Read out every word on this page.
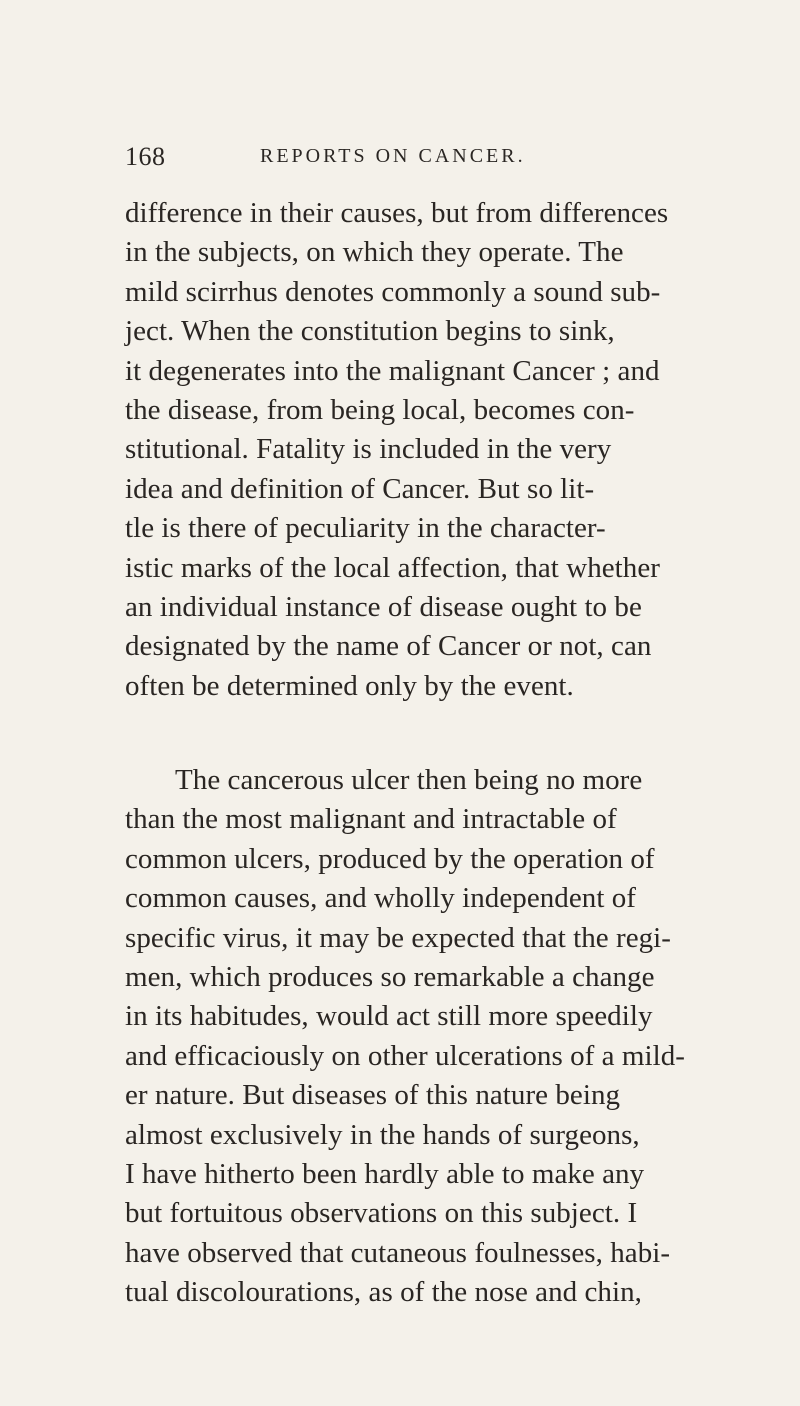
168	REPORTS ON CANCER.
difference in their causes, but from differences
in the subjects, on which they operate. The
mild scirrhus denotes commonly a sound sub-
ject. When the constitution begins to sink,
it degenerates into the malignant Cancer ; and
the disease, from being local, becomes con-
stitutional. Fatality is included in the very
idea and definition of Cancer. But so lit-
tle is there of peculiarity in the character-
istic marks of the local affection, that whether
an individual instance of disease ought to be
designated by the name of Cancer or not, can
often be determined only by the event.
The cancerous ulcer then being no more
than the most malignant and intractable of
common ulcers, produced by the operation of
common causes, and wholly independent of
specific virus, it may be expected that the regi-
men, which produces so remarkable a change
in its habitudes, would act still more speedily
and efficaciously on other ulcerations of a mild-
er nature. But diseases of this nature being
almost exclusively in the hands of surgeons,
I have hitherto been hardly able to make any
but fortuitous observations on this subject. I
have observed that cutaneous foulnesses, habi-
tual discolourations, as of the nose and chin,
